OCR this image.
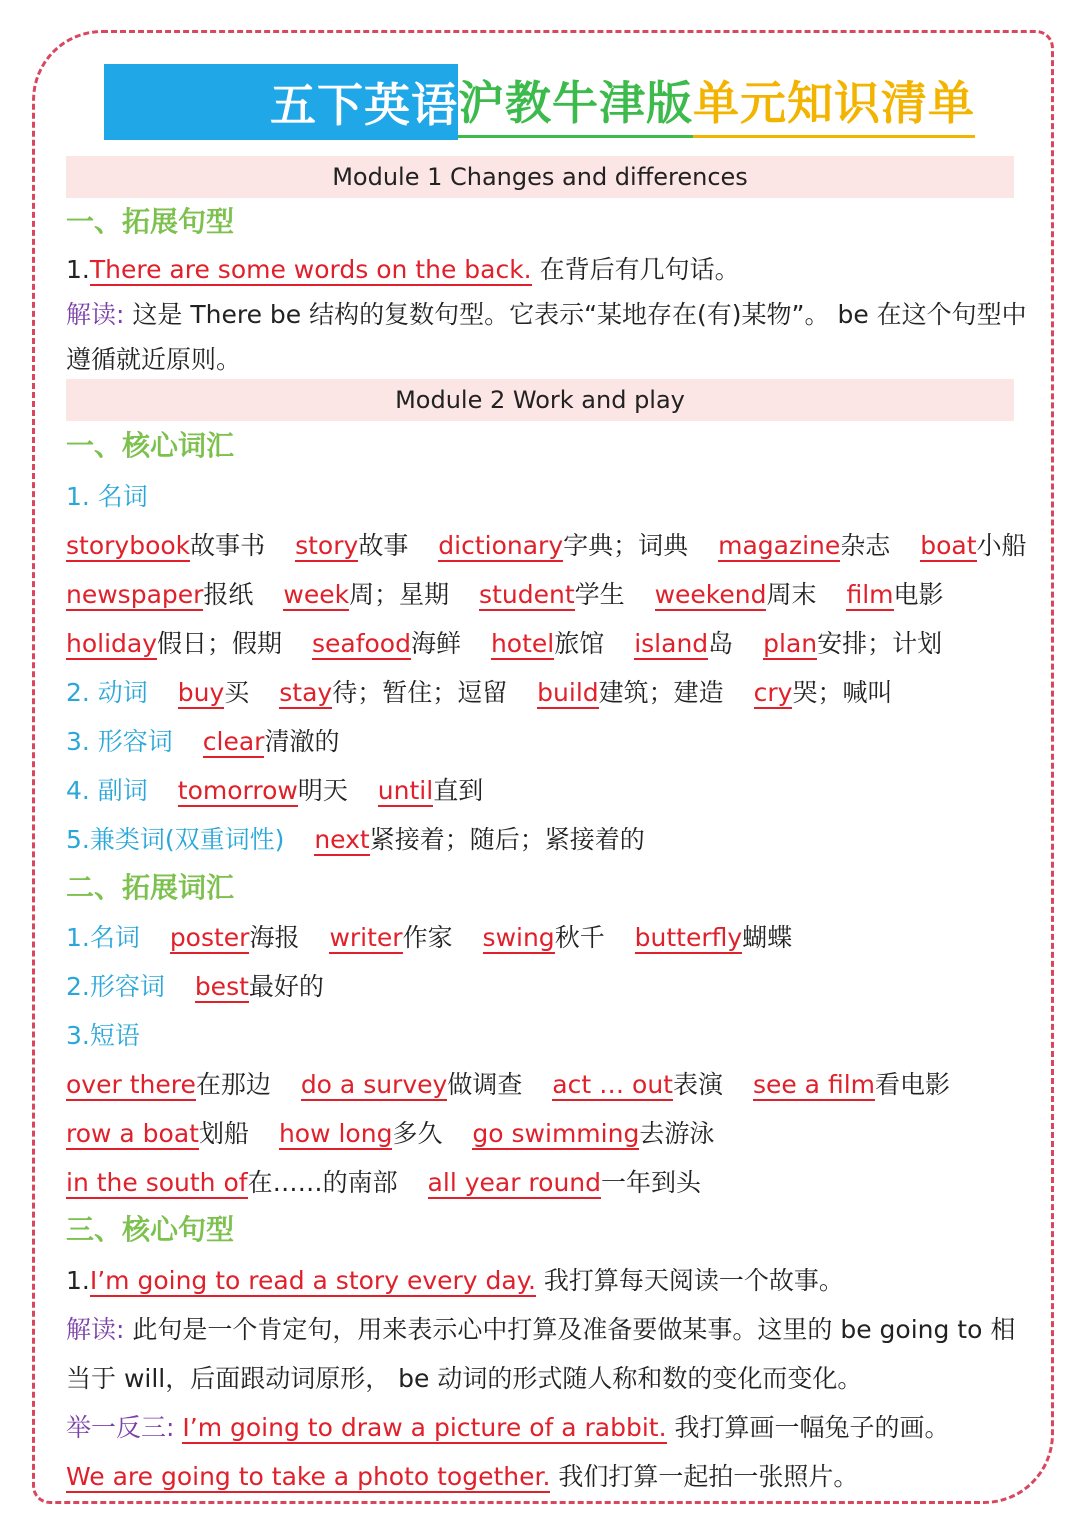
五下英语 沪教牛津版 单元知识清单
Module 1 Changes and differences
一、拓展句型
1.There are some words on the back. 在背后有几句话。
解读: 这是 There be 结构的复数句型。它表示“某地存在(有)某物”。 be 在这个句型中
遵循就近原则。
Module 2 Work and play
一、核心词汇
1. 名词
storybook故事书 story故事 dictionary字典；词典 magazine杂志 boat小船
newspaper报纸 week周；星期 student学生 weekend周末 film电影
holiday假日；假期 seafood海鲜 hotel旅馆 island岛 plan安排；计划
2. 动词 buy买 stay待；暂住；逗留 build建筑；建造 cry哭；喊叫
3. 形容词 clear清澈的
4. 副词 tomorrow明天 until直到
5.兼类词(双重词性) next紧接着；随后；紧接着的
二、拓展词汇
1.名词 poster海报 writer作家 swing秋千 butterfly蝴蝶
2.形容词 best最好的
3.短语
over there在那边 do a survey做调查 act … out表演 see a film看电影
row a boat划船 how long多久 go swimming去游泳
in the south of在……的南部 all year round一年到头
三、核心句型
1.I’m going to read a story every day. 我打算每天阅读一个故事。
解读: 此句是一个肯定句，用来表示心中打算及准备要做某事。这里的 be going to 相
当于 will，后面跟动词原形， be 动词的形式随人称和数的变化而变化。
举一反三: I’m going to draw a picture of a rabbit. 我打算画一幅兔子的画。
We are going to take a photo together. 我们打算一起拍一张照片。
